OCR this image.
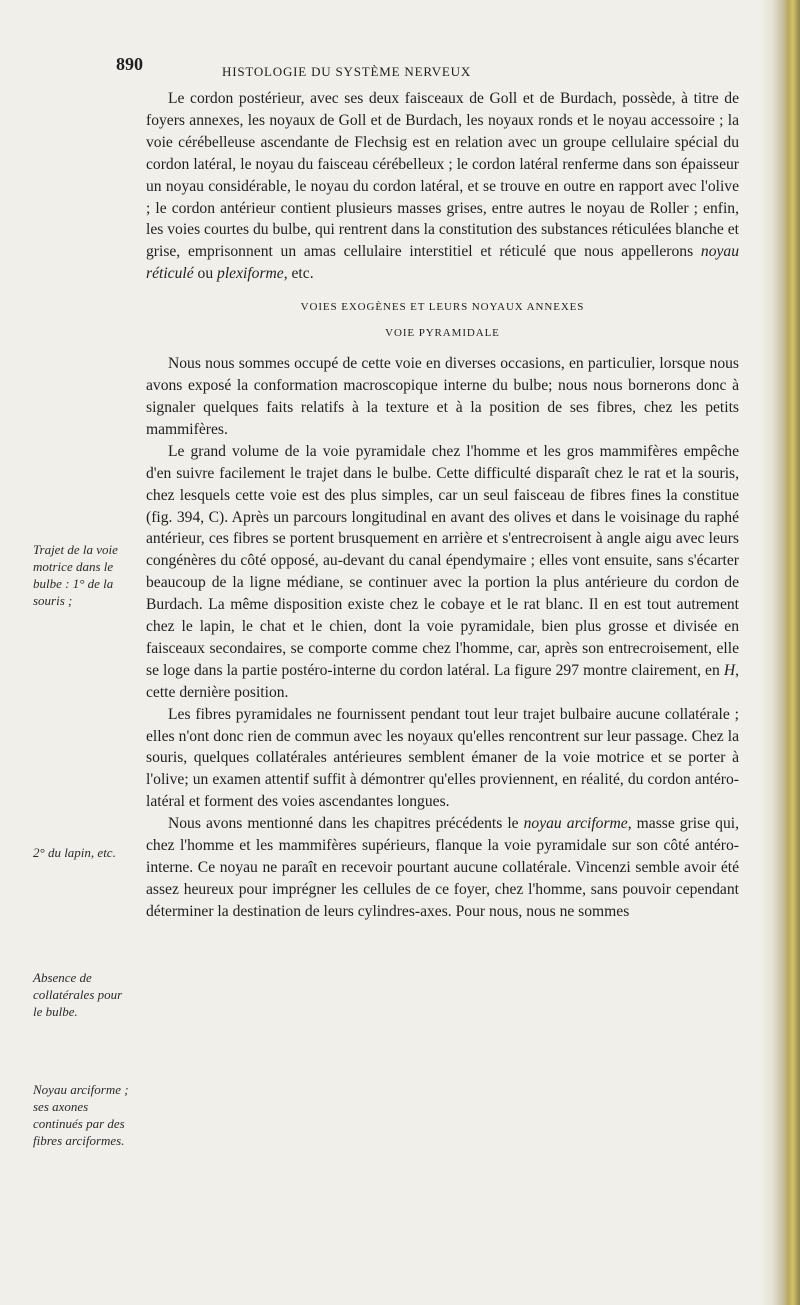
890	HISTOLOGIE DU SYSTÈME NERVEUX
Trajet de la voie motrice dans le bulbe : 1° de la souris ;
2° du lapin, etc.
Absence de collatérales pour le bulbe.
Noyau arciforme ; ses axones continués par des fibres arciformes.

Le cordon postérieur, avec ses deux faisceaux de Goll et de Burdach, possède, à titre de foyers annexes, les noyaux de Goll et de Burdach, les noyaux ronds et le noyau accessoire ; la voie cérébelleuse ascendante de Flechsig est en relation avec un groupe cellulaire spécial du cordon latéral, le noyau du faisceau cérébelleux ; le cordon latéral renferme dans son épaisseur un noyau considérable, le noyau du cordon latéral, et se trouve en outre en rapport avec l'olive ; le cordon antérieur contient plusieurs masses grises, entre autres le noyau de Roller ; enfin, les voies courtes du bulbe, qui rentrent dans la constitution des substances réticulées blanche et grise, emprisonnent un amas cellulaire interstitiel et réticulé que nous appellerons noyau réticulé ou plexiforme, etc.

VOIES EXOGÈNES ET LEURS NOYAUX ANNEXES
VOIE PYRAMIDALE

Nous nous sommes occupé de cette voie en diverses occasions, en particulier, lorsque nous avons exposé la conformation macroscopique interne du bulbe; nous nous bornerons donc à signaler quelques faits relatifs à la texture et à la position de ses fibres, chez les petits mammifères.

Le grand volume de la voie pyramidale chez l'homme et les gros mammifères empêche d'en suivre facilement le trajet dans le bulbe. Cette difficulté disparaît chez le rat et la souris, chez lesquels cette voie est des plus simples, car un seul faisceau de fibres fines la constitue (fig. 394, C). Après un parcours longitudinal en avant des olives et dans le voisinage du raphé antérieur, ces fibres se portent brusquement en arrière et s'entrecroisent à angle aigu avec leurs congénères du côté opposé, au-devant du canal épendymaire ; elles vont ensuite, sans s'écarter beaucoup de la ligne médiane, se continuer avec la portion la plus antérieure du cordon de Burdach. La même disposition existe chez le cobaye et le rat blanc. Il en est tout autrement chez le lapin, le chat et le chien, dont la voie pyramidale, bien plus grosse et divisée en faisceaux secondaires, se comporte comme chez l'homme, car, après son entrecroisement, elle se loge dans la partie postéro-interne du cordon latéral. La figure 297 montre clairement, en H, cette dernière position.

Les fibres pyramidales ne fournissent pendant tout leur trajet bulbaire aucune collatérale ; elles n'ont donc rien de commun avec les noyaux qu'elles rencontrent sur leur passage. Chez la souris, quelques collatérales antérieures semblent émaner de la voie motrice et se porter à l'olive; un examen attentif suffit à démontrer qu'elles proviennent, en réalité, du cordon antéro-latéral et forment des voies ascendantes longues.

Nous avons mentionné dans les chapitres précédents le noyau arciforme, masse grise qui, chez l'homme et les mammifères supérieurs, flanque la voie pyramidale sur son côté antéro-interne. Ce noyau ne paraît en recevoir pourtant aucune collatérale. Vincenzi semble avoir été assez heureux pour imprégner les cellules de ce foyer, chez l'homme, sans pouvoir cependant déterminer la destination de leurs cylindres-axes. Pour nous, nous ne sommes
